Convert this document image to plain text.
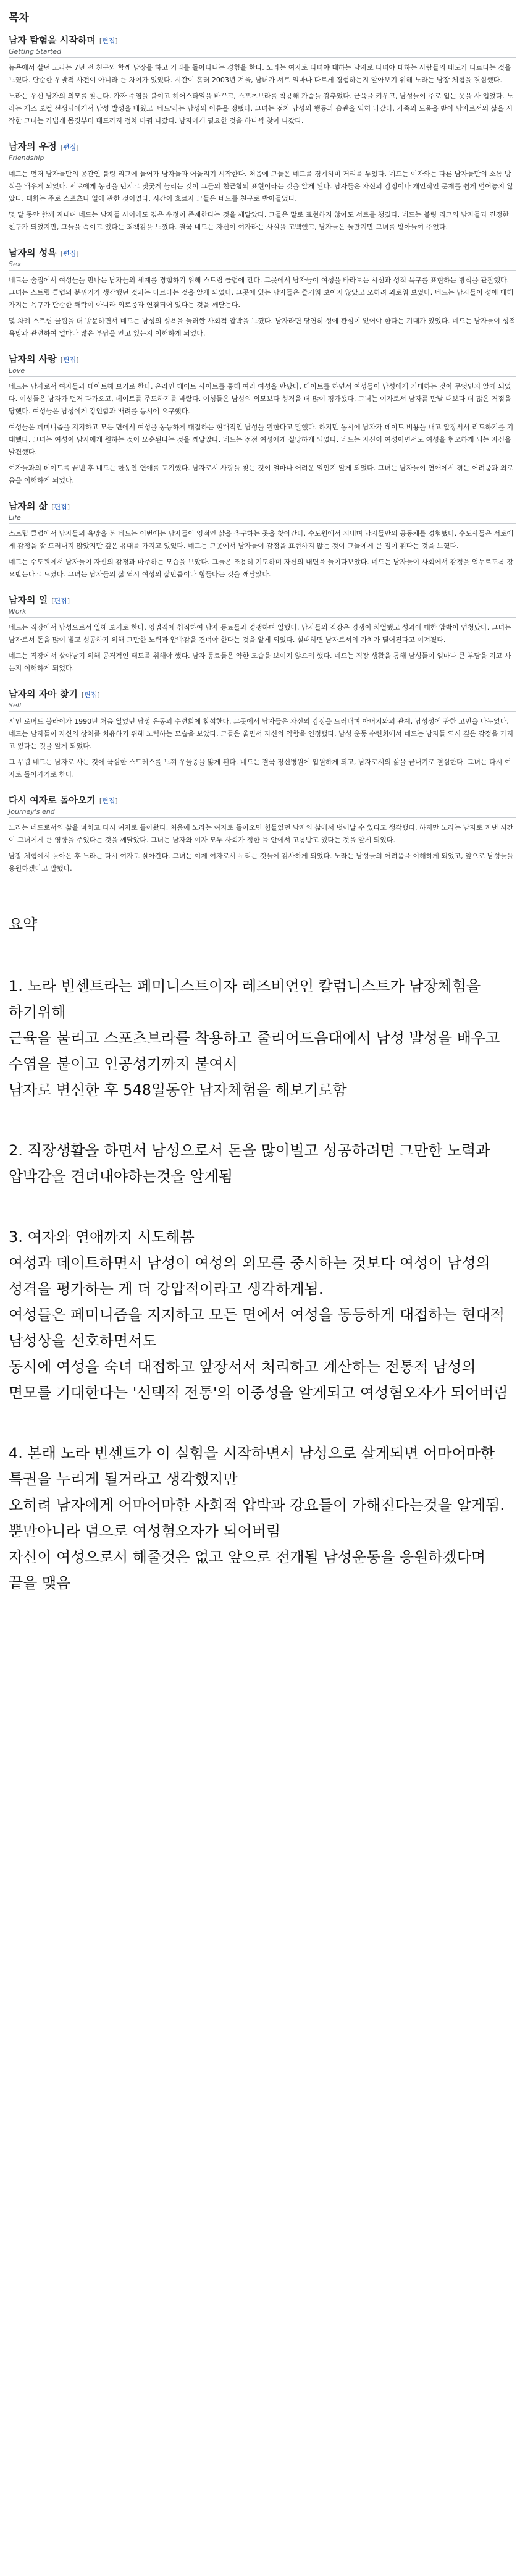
목차
남자 탐험을 시작하며 [편집]
Getting Started

뉴욕에서 살던 노라는 7년 전 친구와 함께 남장을 하고 거리를 돌아다니는 경험을 한다. 노라는 여자로 다녀야 대하는 남자로 다녀야 대하는 사람들의 태도가 다르다는 것을 느꼈다. 단순한 우발적 사건이 아니라 큰 차이가 있었다. 시간이 흘러 2003년 겨울, 남녀가 서로 얼마나 다르게 경험하는지 알아보기 위해 노라는 남장 체험을 결심했다.

노라는 우선 남자의 외모를 찾는다. 가짜 수염을 붙이고 헤어스타일을 바꾸고, 스포츠브라를 착용해 가슴을 감추었다. 근육을 키우고, 남성들이 주로 입는 옷을 사 입었다. 노라는 재즈 보컬 선생님에게서 남성 발성을 배웠고 '네드'라는 남성의 이름을 정했다. 그녀는 점차 남성의 행동과 습관을 익혀 나갔다. 가족의 도움을 받아 남자로서의 삶을 시작한 그녀는 가볍게 몸짓부터 태도까지 점차 바꿔 나갔다. 남자에게 필요한 것을 하나씩 찾아 나갔다.

남자의 우정 [편집]
Friendship

네드는 먼저 남자들만의 공간인 볼링 리그에 들어가 남자들과 어울리기 시작한다. 처음에 그들은 네드를 경계하며 거리를 두었다. 네드는 여자와는 다른 남자들만의 소통 방식을 배우게 되었다. 서로에게 농담을 던지고 짓궂게 놀리는 것이 그들의 친근함의 표현이라는 것을 알게 된다. 남자들은 자신의 감정이나 개인적인 문제를 쉽게 털어놓지 않았다. 대화는 주로 스포츠나 일에 관한 것이었다. 시간이 흐르자 그들은 네드를 친구로 받아들였다.

몇 달 동안 함께 지내며 네드는 남자들 사이에도 깊은 우정이 존재한다는 것을 깨달았다. 그들은 말로 표현하지 않아도 서로를 챙겼다. 네드는 볼링 리그의 남자들과 진정한 친구가 되었지만, 그들을 속이고 있다는 죄책감을 느꼈다. 결국 네드는 자신이 여자라는 사실을 고백했고, 남자들은 놀랐지만 그녀를 받아들여 주었다.

남자의 성욕 [편집]
Sex

네드는 술집에서 여성들을 만나는 남자들의 세계를 경험하기 위해 스트립 클럽에 간다. 그곳에서 남자들이 여성을 바라보는 시선과 성적 욕구를 표현하는 방식을 관찰했다. 그녀는 스트립 클럽의 분위기가 생각했던 것과는 다르다는 것을 알게 되었다. 그곳에 있는 남자들은 즐거워 보이지 않았고 오히려 외로워 보였다. 네드는 남자들이 성에 대해 가지는 욕구가 단순한 쾌락이 아니라 외로움과 연결되어 있다는 것을 깨닫는다.

몇 차례 스트립 클럽을 더 방문하면서 네드는 남성의 성욕을 둘러싼 사회적 압박을 느꼈다. 남자라면 당연히 성에 관심이 있어야 한다는 기대가 있었다. 네드는 남자들이 성적 욕망과 관련하여 얼마나 많은 부담을 안고 있는지 이해하게 되었다.

남자의 사랑 [편집]
Love

네드는 남자로서 여자들과 데이트해 보기로 한다. 온라인 데이트 사이트를 통해 여러 여성을 만났다. 데이트를 하면서 여성들이 남성에게 기대하는 것이 무엇인지 알게 되었다. 여성들은 남자가 먼저 다가오고, 데이트를 주도하기를 바랐다. 여성들은 남성의 외모보다 성격을 더 많이 평가했다. 그녀는 여자로서 남자를 만날 때보다 더 많은 거절을 당했다. 여성들은 남성에게 강인함과 배려를 동시에 요구했다.

여성들은 페미니즘을 지지하고 모든 면에서 여성을 동등하게 대접하는 현대적인 남성을 원한다고 말했다. 하지만 동시에 남자가 데이트 비용을 내고 앞장서서 리드하기를 기대했다. 그녀는 여성이 남자에게 원하는 것이 모순된다는 것을 깨달았다. 네드는 점점 여성에게 실망하게 되었다. 네드는 자신이 여성이면서도 여성을 혐오하게 되는 자신을 발견했다.

여자들과의 데이트를 끝낸 후 네드는 한동안 연애를 포기했다. 남자로서 사랑을 찾는 것이 얼마나 어려운 일인지 알게 되었다. 그녀는 남자들이 연애에서 겪는 어려움과 외로움을 이해하게 되었다.

남자의 삶 [편집]
Life

스트립 클럽에서 남자들의 욕망을 본 네드는 이번에는 남자들이 영적인 삶을 추구하는 곳을 찾아간다. 수도원에서 지내며 남자들만의 공동체를 경험했다. 수도사들은 서로에게 감정을 잘 드러내지 않았지만 깊은 유대를 가지고 있었다. 네드는 그곳에서 남자들이 감정을 표현하지 않는 것이 그들에게 큰 짐이 된다는 것을 느꼈다.

네드는 수도원에서 남자들이 자신의 감정과 마주하는 모습을 보았다. 그들은 조용히 기도하며 자신의 내면을 들여다보았다. 네드는 남자들이 사회에서 감정을 억누르도록 강요받는다고 느꼈다. 그녀는 남자들의 삶 역시 여성의 삶만큼이나 힘들다는 것을 깨달았다.

남자의 일 [편집]
Work

네드는 직장에서 남성으로서 일해 보기로 한다. 영업직에 취직하여 남자 동료들과 경쟁하며 일했다. 남자들의 직장은 경쟁이 치열했고 성과에 대한 압박이 엄청났다. 그녀는 남자로서 돈을 많이 벌고 성공하기 위해 그만한 노력과 압박감을 견뎌야 한다는 것을 알게 되었다. 실패하면 남자로서의 가치가 떨어진다고 여겨졌다.

네드는 직장에서 살아남기 위해 공격적인 태도를 취해야 했다. 남자 동료들은 약한 모습을 보이지 않으려 했다. 네드는 직장 생활을 통해 남성들이 얼마나 큰 부담을 지고 사는지 이해하게 되었다.

남자의 자아 찾기 [편집]
Self

시인 로버트 블라이가 1990년 처음 열었던 남성 운동의 수련회에 참석한다. 그곳에서 남자들은 자신의 감정을 드러내며 아버지와의 관계, 남성성에 관한 고민을 나누었다. 네드는 남자들이 자신의 상처를 치유하기 위해 노력하는 모습을 보았다. 그들은 울면서 자신의 약함을 인정했다. 남성 운동 수련회에서 네드는 남자들 역시 깊은 감정을 가지고 있다는 것을 알게 되었다.

그 무렵 네드는 남자로 사는 것에 극심한 스트레스를 느껴 우울증을 앓게 된다. 네드는 결국 정신병원에 입원하게 되고, 남자로서의 삶을 끝내기로 결심한다. 그녀는 다시 여자로 돌아가기로 한다.

다시 여자로 돌아오기 [편집]
Journey's end

노라는 네드로서의 삶을 마치고 다시 여자로 돌아왔다. 처음에 노라는 여자로 돌아오면 힘들었던 남자의 삶에서 벗어날 수 있다고 생각했다. 하지만 노라는 남자로 지낸 시간이 그녀에게 큰 영향을 주었다는 것을 깨달았다. 그녀는 남자와 여자 모두 사회가 정한 틀 안에서 고통받고 있다는 것을 알게 되었다.

남장 체험에서 돌아온 후 노라는 다시 여자로 살아간다. 그녀는 이제 여자로서 누리는 것들에 감사하게 되었다. 노라는 남성들의 어려움을 이해하게 되었고, 앞으로 남성들을 응원하겠다고 말했다.

요약
1. 노라 빈센트라는 페미니스트이자 레즈비언인 칼럼니스트가 남장체험을 하기위해
근육을 불리고 스포츠브라를 착용하고 줄리어드음대에서 남성 발성을 배우고 수염을 붙이고 인공성기까지 붙여서
남자로 변신한 후 548일동안 남자체험을 해보기로함
2. 직장생활을 하면서 남성으로서 돈을 많이벌고 성공하려면 그만한 노력과 압박감을 견뎌내야하는것을 알게됨
3. 여자와 연애까지 시도해봄
여성과 데이트하면서 남성이 여성의 외모를 중시하는 것보다 여성이 남성의 성격을 평가하는 게 더 강압적이라고 생각하게됨.
여성들은 페미니즘을 지지하고 모든 면에서 여성을 동등하게 대접하는 현대적 남성상을 선호하면서도
동시에 여성을 숙녀 대접하고 앞장서서 처리하고 계산하는 전통적 남성의 면모를 기대한다는 '선택적 전통'의 이중성을 알게되고 여성혐오자가 되어버림
4. 본래 노라 빈센트가 이 실험을 시작하면서 남성으로 살게되면 어마어마한 특권을 누리게 될거라고 생각했지만
오히려 남자에게 어마어마한 사회적 압박과 강요들이 가해진다는것을 알게됨. 뿐만아니라 덤으로 여성혐오자가 되어버림
자신이 여성으로서 해줄것은 없고 앞으로 전개될 남성운동을 응원하겠다며 끝을 맺음
